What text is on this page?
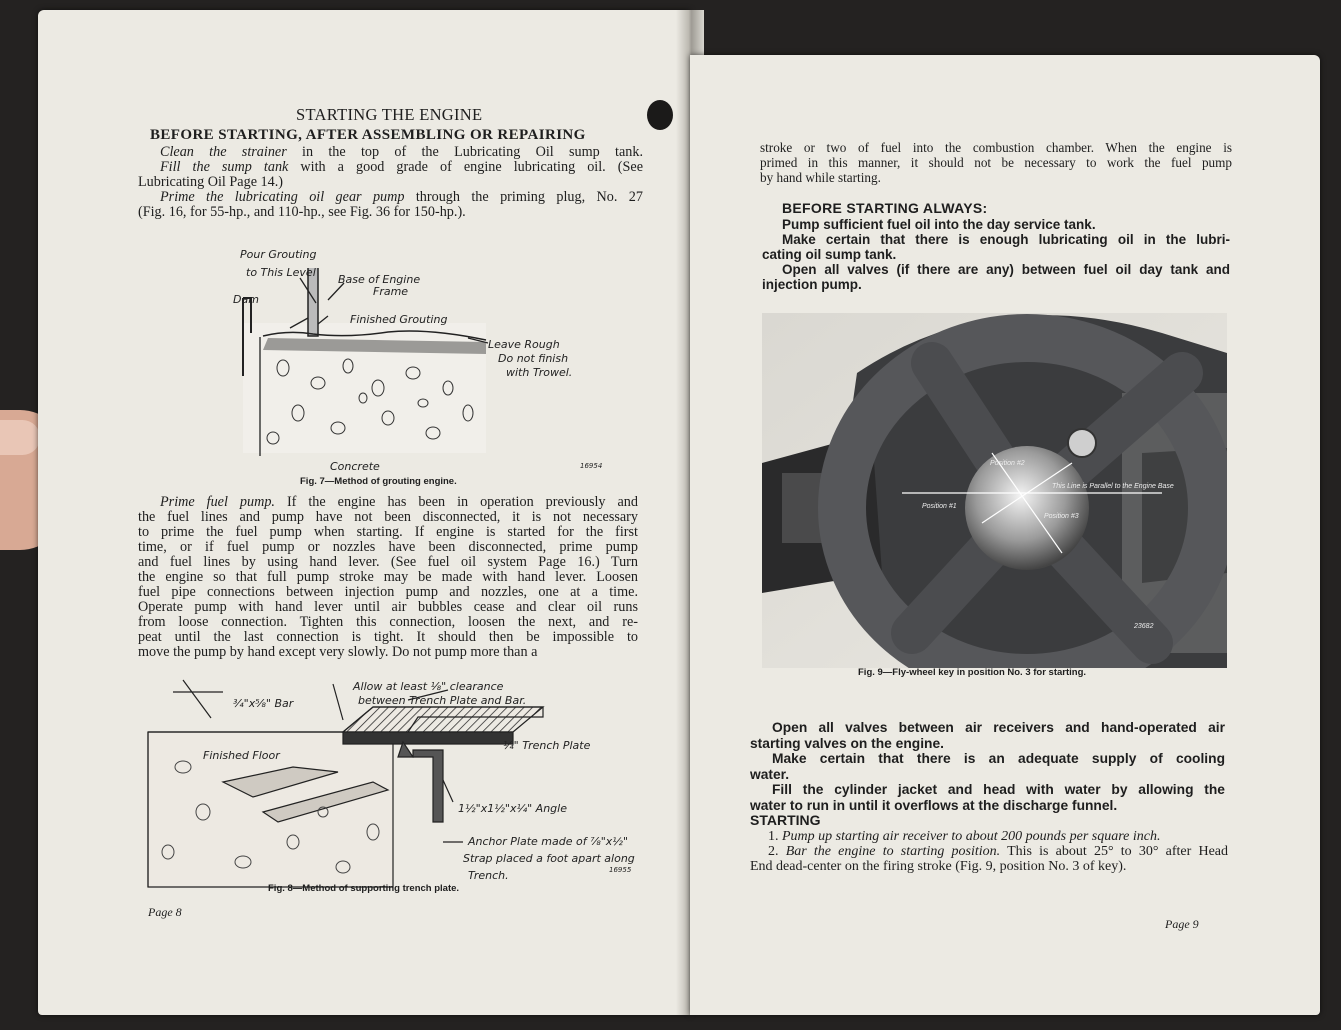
STARTING THE ENGINE
BEFORE STARTING, AFTER ASSEMBLING OR REPAIRING
Clean the strainer in the top of the Lubricating Oil sump tank.
Fill the sump tank with a good grade of engine lubricating oil. (See
Lubricating Oil Page 14.)
Prime the lubricating oil gear pump through the priming plug, No. 27
(Fig. 16, for 55-hp., and 110-hp., see Fig. 36 for 150-hp.).
Pour Grouting
to This Level
Base of Engine
Frame
Dam
Finished Grouting
Leave Rough
Do not finish
with Trowel.
Concrete	16954
Fig. 7—Method of grouting engine.
Prime fuel pump. If the engine has been in operation previously and
the fuel lines and pump have not been disconnected, it is not necessary
to prime the fuel pump when starting. If engine is started for the first
time, or if fuel pump or nozzles have been disconnected, prime pump
and fuel lines by using hand lever. (See fuel oil system Page 16.) Turn
the engine so that full pump stroke may be made with hand lever. Loosen
fuel pipe connections between injection pump and nozzles, one at a time.
Operate pump with hand lever until air bubbles cease and clear oil runs
from loose connection. Tighten this connection, loosen the next, and re-
peat until the last connection is tight. It should then be impossible to
move the pump by hand except very slowly. Do not pump more than a
Allow at least ⅛" clearance
between Trench Plate and Bar.
¾"x⅝" Bar
Finished Floor
¼" Trench Plate
1½"x1½"x¼" Angle
Anchor Plate made of ⅞"x½"
Strap placed a foot apart along
Trench.	16955
Fig. 8—Method of supporting trench plate.
Page 8
stroke or two of fuel into the combustion chamber. When the engine is
primed in this manner, it should not be necessary to work the fuel pump
by hand while starting.
BEFORE STARTING ALWAYS:
Pump sufficient fuel oil into the day service tank.
Make certain that there is enough lubricating oil in the lubri-
cating oil sump tank.
Open all valves (if there are any) between fuel oil day tank and
injection pump.
Position #1
Position #2
Position #3
This Line is Parallel to the Engine Base
23682
Fig. 9—Fly-wheel key in position No. 3 for starting.
Open all valves between air receivers and hand-operated air
starting valves on the engine.
Make certain that there is an adequate supply of cooling
water.
Fill the cylinder jacket and head with water by allowing the
water to run in until it overflows at the discharge funnel.
STARTING
1. Pump up starting air receiver to about 200 pounds per square inch.
2. Bar the engine to starting position. This is about 25° to 30° after Head
End dead-center on the firing stroke (Fig. 9, position No. 3 of key).
Page 9
